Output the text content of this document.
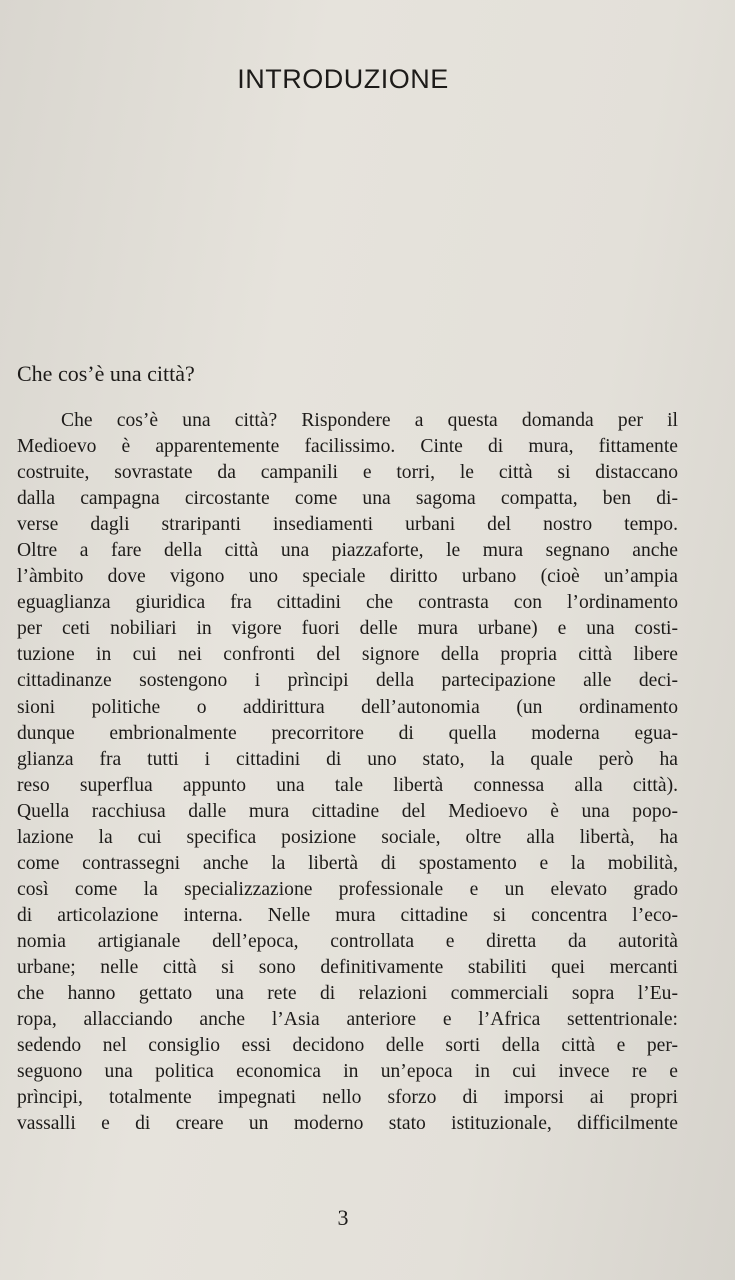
INTRODUZIONE
Che cos’è una città?
Che cos’è una città? Rispondere a questa domanda per il
Medioevo è apparentemente facilissimo. Cinte di mura, fittamente
costruite, sovrastate da campanili e torri, le città si distaccano
dalla campagna circostante come una sagoma compatta, ben di-
verse dagli straripanti insediamenti urbani del nostro tempo.
Oltre a fare della città una piazzaforte, le mura segnano anche
l’àmbito dove vigono uno speciale diritto urbano (cioè un’ampia
eguaglianza giuridica fra cittadini che contrasta con l’ordinamento
per ceti nobiliari in vigore fuori delle mura urbane) e una costi-
tuzione in cui nei confronti del signore della propria città libere
cittadinanze sostengono i prìncipi della partecipazione alle deci-
sioni politiche o addirittura dell’autonomia (un ordinamento
dunque embrionalmente precorritore di quella moderna egua-
glianza fra tutti i cittadini di uno stato, la quale però ha
reso superflua appunto una tale libertà connessa alla città).
Quella racchiusa dalle mura cittadine del Medioevo è una popo-
lazione la cui specifica posizione sociale, oltre alla libertà, ha
come contrassegni anche la libertà di spostamento e la mobilità,
così come la specializzazione professionale e un elevato grado
di articolazione interna. Nelle mura cittadine si concentra l’eco-
nomia artigianale dell’epoca, controllata e diretta da autorità
urbane; nelle città si sono definitivamente stabiliti quei mercanti
che hanno gettato una rete di relazioni commerciali sopra l’Eu-
ropa, allacciando anche l’Asia anteriore e l’Africa settentrionale:
sedendo nel consiglio essi decidono delle sorti della città e per-
seguono una politica economica in un’epoca in cui invece re e
prìncipi, totalmente impegnati nello sforzo di imporsi ai propri
vassalli e di creare un moderno stato istituzionale, difficilmente
3
